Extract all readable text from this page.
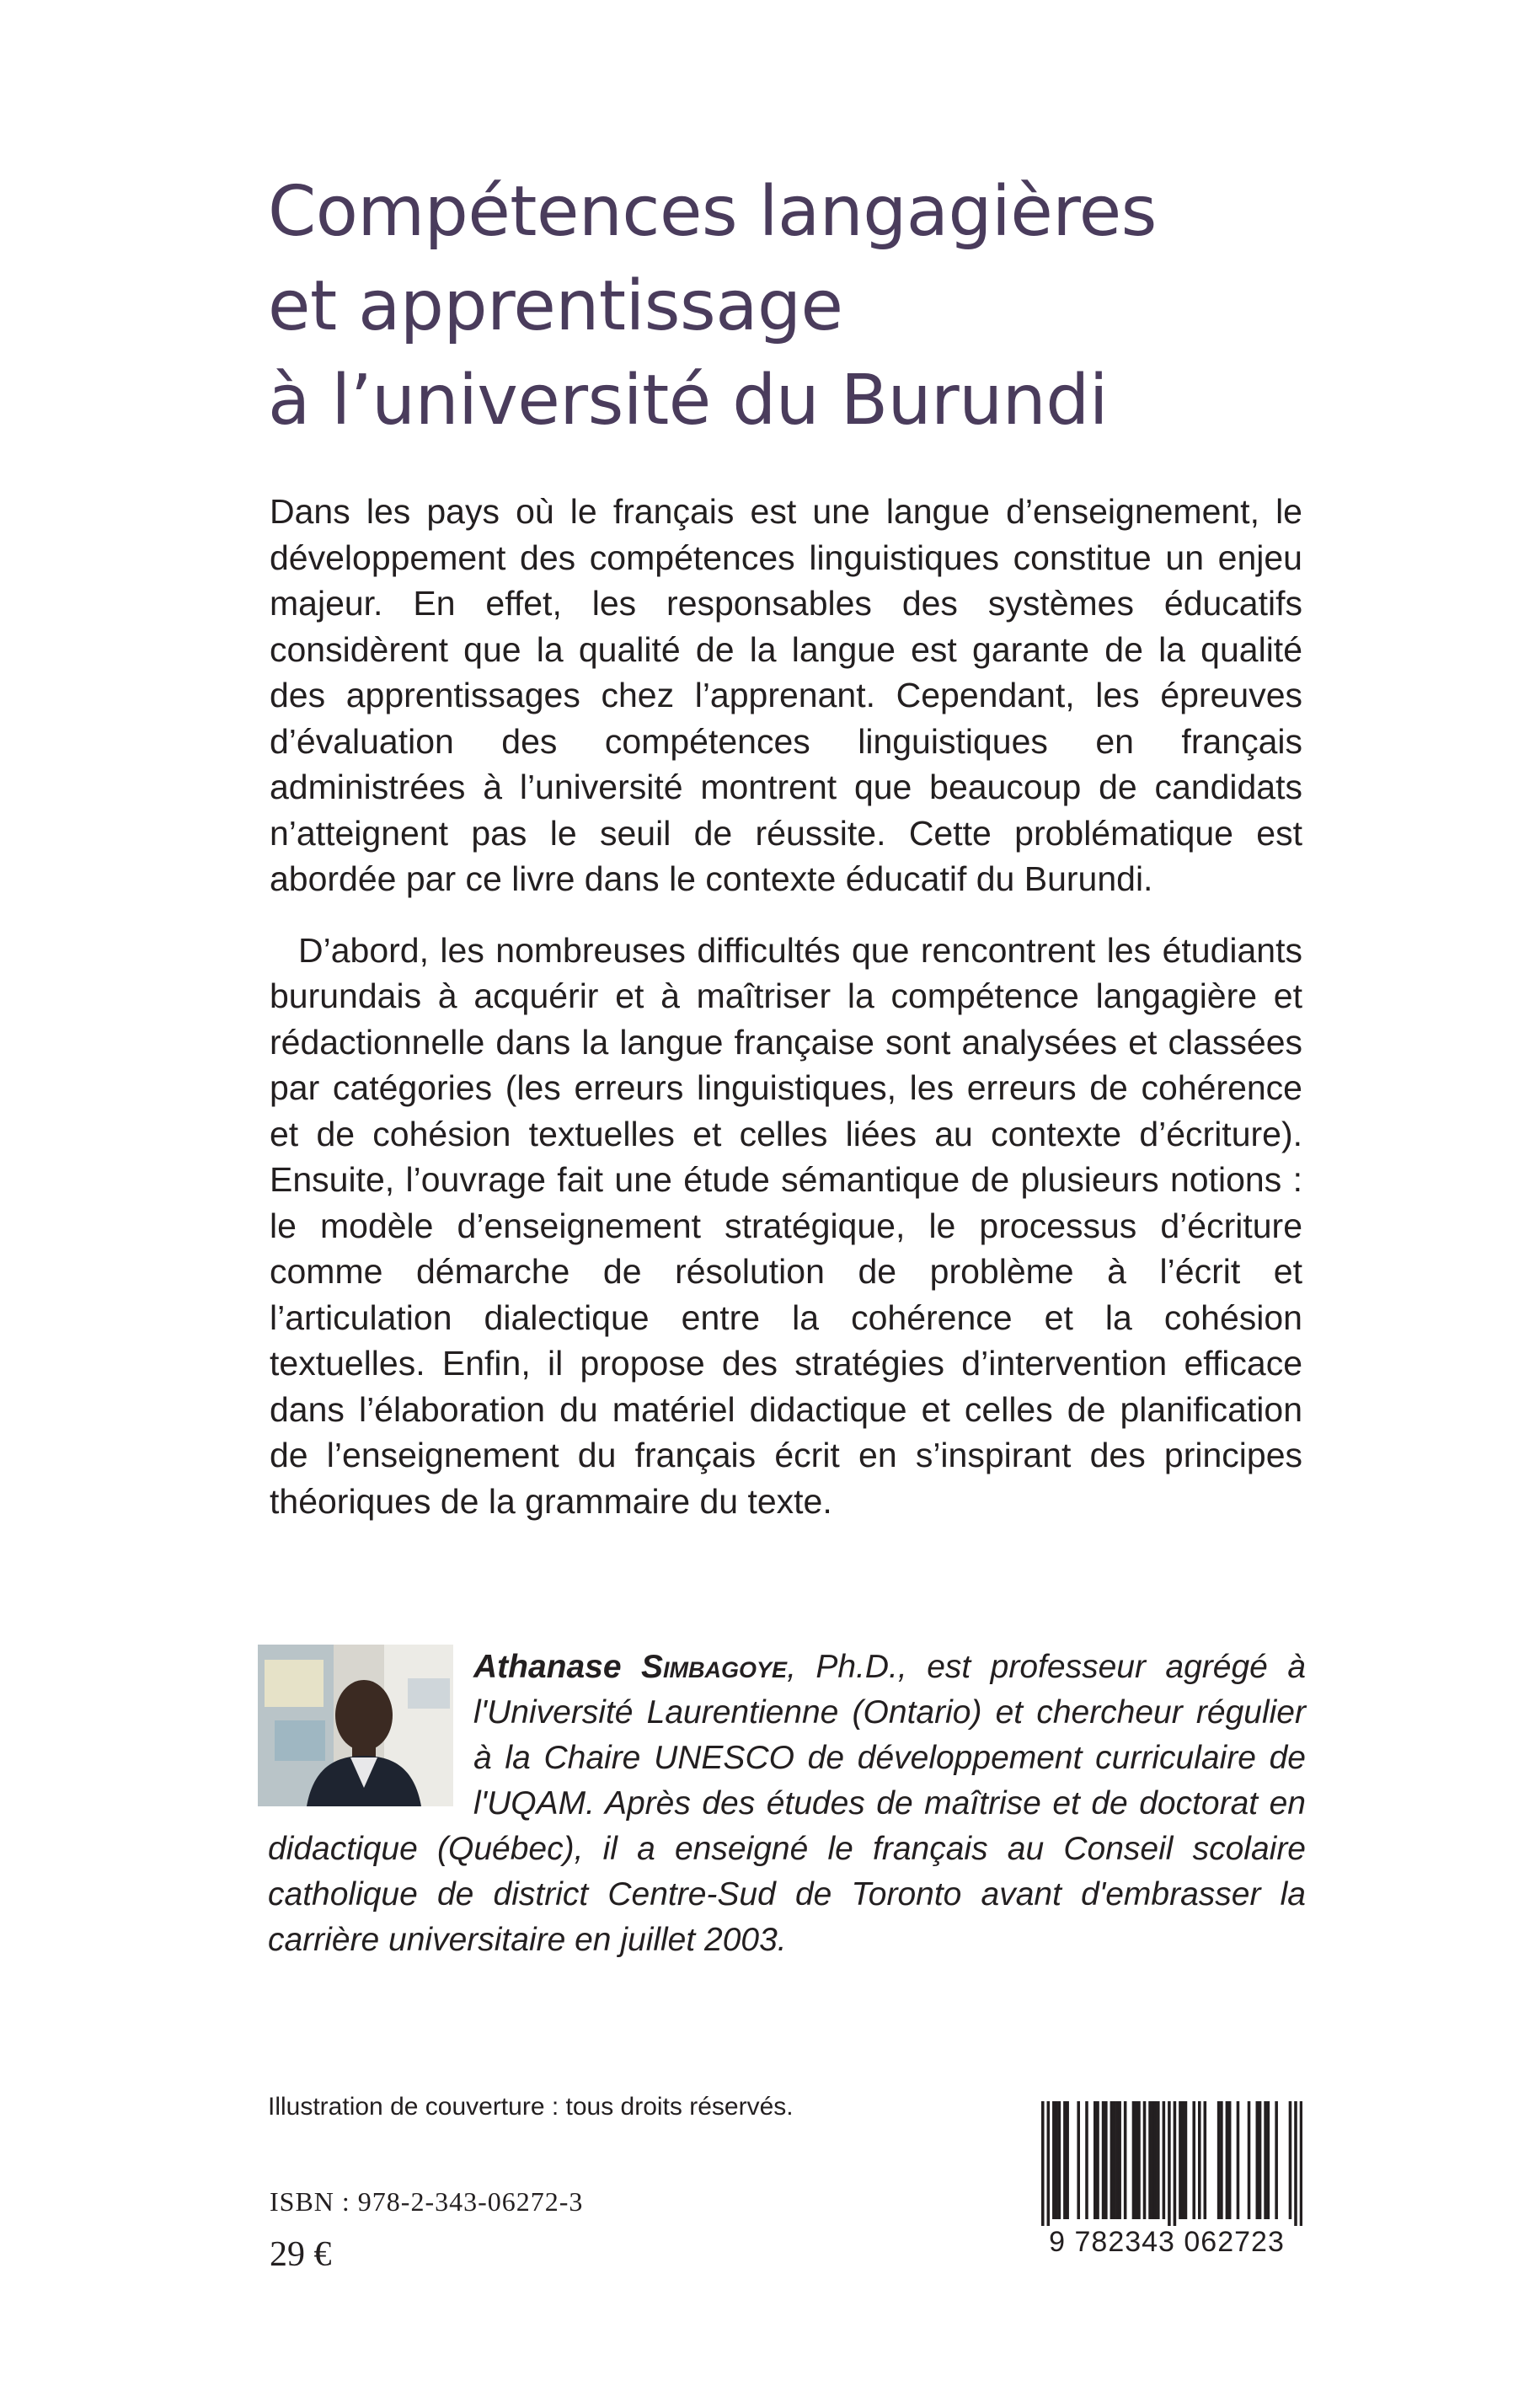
Compétences langagières
et apprentissage
à l’université du Burundi

Dans les pays où le français est une langue d’enseignement, le développement des compétences linguistiques constitue un enjeu majeur. En effet, les responsables des systèmes éducatifs considèrent que la qualité de la langue est garante de la qualité des apprentissages chez l’apprenant. Cependant, les épreuves d’évaluation des compétences linguistiques en français administrées à l’université montrent que beaucoup de candidats n’atteignent pas le seuil de réussite. Cette problématique est abordée par ce livre dans le contexte éducatif du Burundi.

D’abord, les nombreuses difficultés que rencontrent les étudiants burundais à acquérir et à maîtriser la compétence langagière et rédactionnelle dans la langue française sont analysées et classées par catégories (les erreurs linguistiques, les erreurs de cohérence et de cohésion textuelles et celles liées au contexte d’écriture). Ensuite, l’ouvrage fait une étude sémantique de plusieurs notions : le modèle d’enseignement stratégique, le processus d’écriture comme démarche de résolution de problème à l’écrit et l’articulation dialectique entre la cohérence et la cohésion textuelles. Enfin, il propose des stratégies d’intervention efficace dans l’élaboration du matériel didactique et celles de planification de l’enseignement du français écrit en s’inspirant des principes théoriques de la grammaire du texte.

Athanase Simbagoye, Ph.D., est professeur agrégé à l'Université Laurentienne (Ontario) et chercheur régulier à la Chaire UNESCO de développement curriculaire de l'UQAM. Après des études de maîtrise et de doctorat en didactique (Québec), il a enseigné le français au Conseil scolaire catholique de district Centre-Sud de Toronto avant d'embrasser la carrière universitaire en juillet 2003.

Illustration de couverture : tous droits réservés.
ISBN : 978-2-343-06272-3
29 €	9 782343 062723
